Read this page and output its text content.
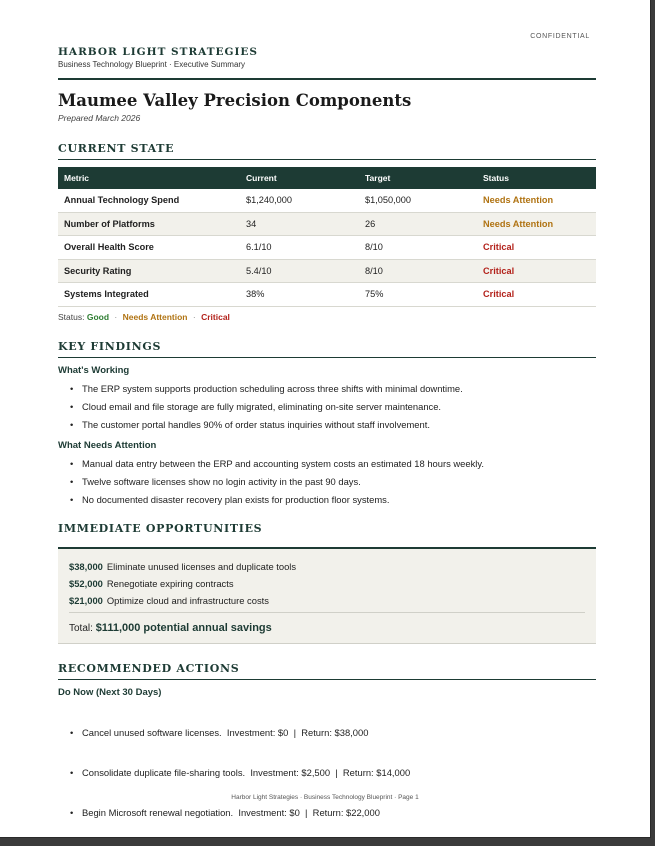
CONFIDENTIAL
HARBOR LIGHT STRATEGIES
Business Technology Blueprint · Executive Summary
Maumee Valley Precision Components
Prepared March 2026
CURRENT STATE
Metric	Current	Target	Status
Annual Technology Spend	$1,240,000	$1,050,000	Needs Attention
Number of Platforms	34	26	Needs Attention
Overall Health Score	6.1/10	8/10	Critical
Security Rating	5.4/10	8/10	Critical
Systems Integrated	38%	75%	Critical
Status: Good · Needs Attention · Critical
KEY FINDINGS
What's Working
• The ERP system supports production scheduling across three shifts with minimal downtime.
• Cloud email and file storage are fully migrated, eliminating on-site server maintenance.
• The customer portal handles 90% of order status inquiries without staff involvement.
What Needs Attention
• Manual data entry between the ERP and accounting system costs an estimated 18 hours weekly.
• Twelve software licenses show no login activity in the past 90 days.
• No documented disaster recovery plan exists for production floor systems.
IMMEDIATE OPPORTUNITIES
$38,000 Eliminate unused licenses and duplicate tools
$52,000 Renegotiate expiring contracts
$21,000 Optimize cloud and infrastructure costs
Total: $111,000 potential annual savings
RECOMMENDED ACTIONS
Do Now (Next 30 Days)

• Cancel unused software licenses.  Investment: $0  |  Return: $38,000

• Consolidate duplicate file-sharing tools.  Investment: $2,500  |  Return: $14,000

• Begin Microsoft renewal negotiation.  Investment: $0  |  Return: $22,000

Harbor Light Strategies · Business Technology Blueprint · Page 1
